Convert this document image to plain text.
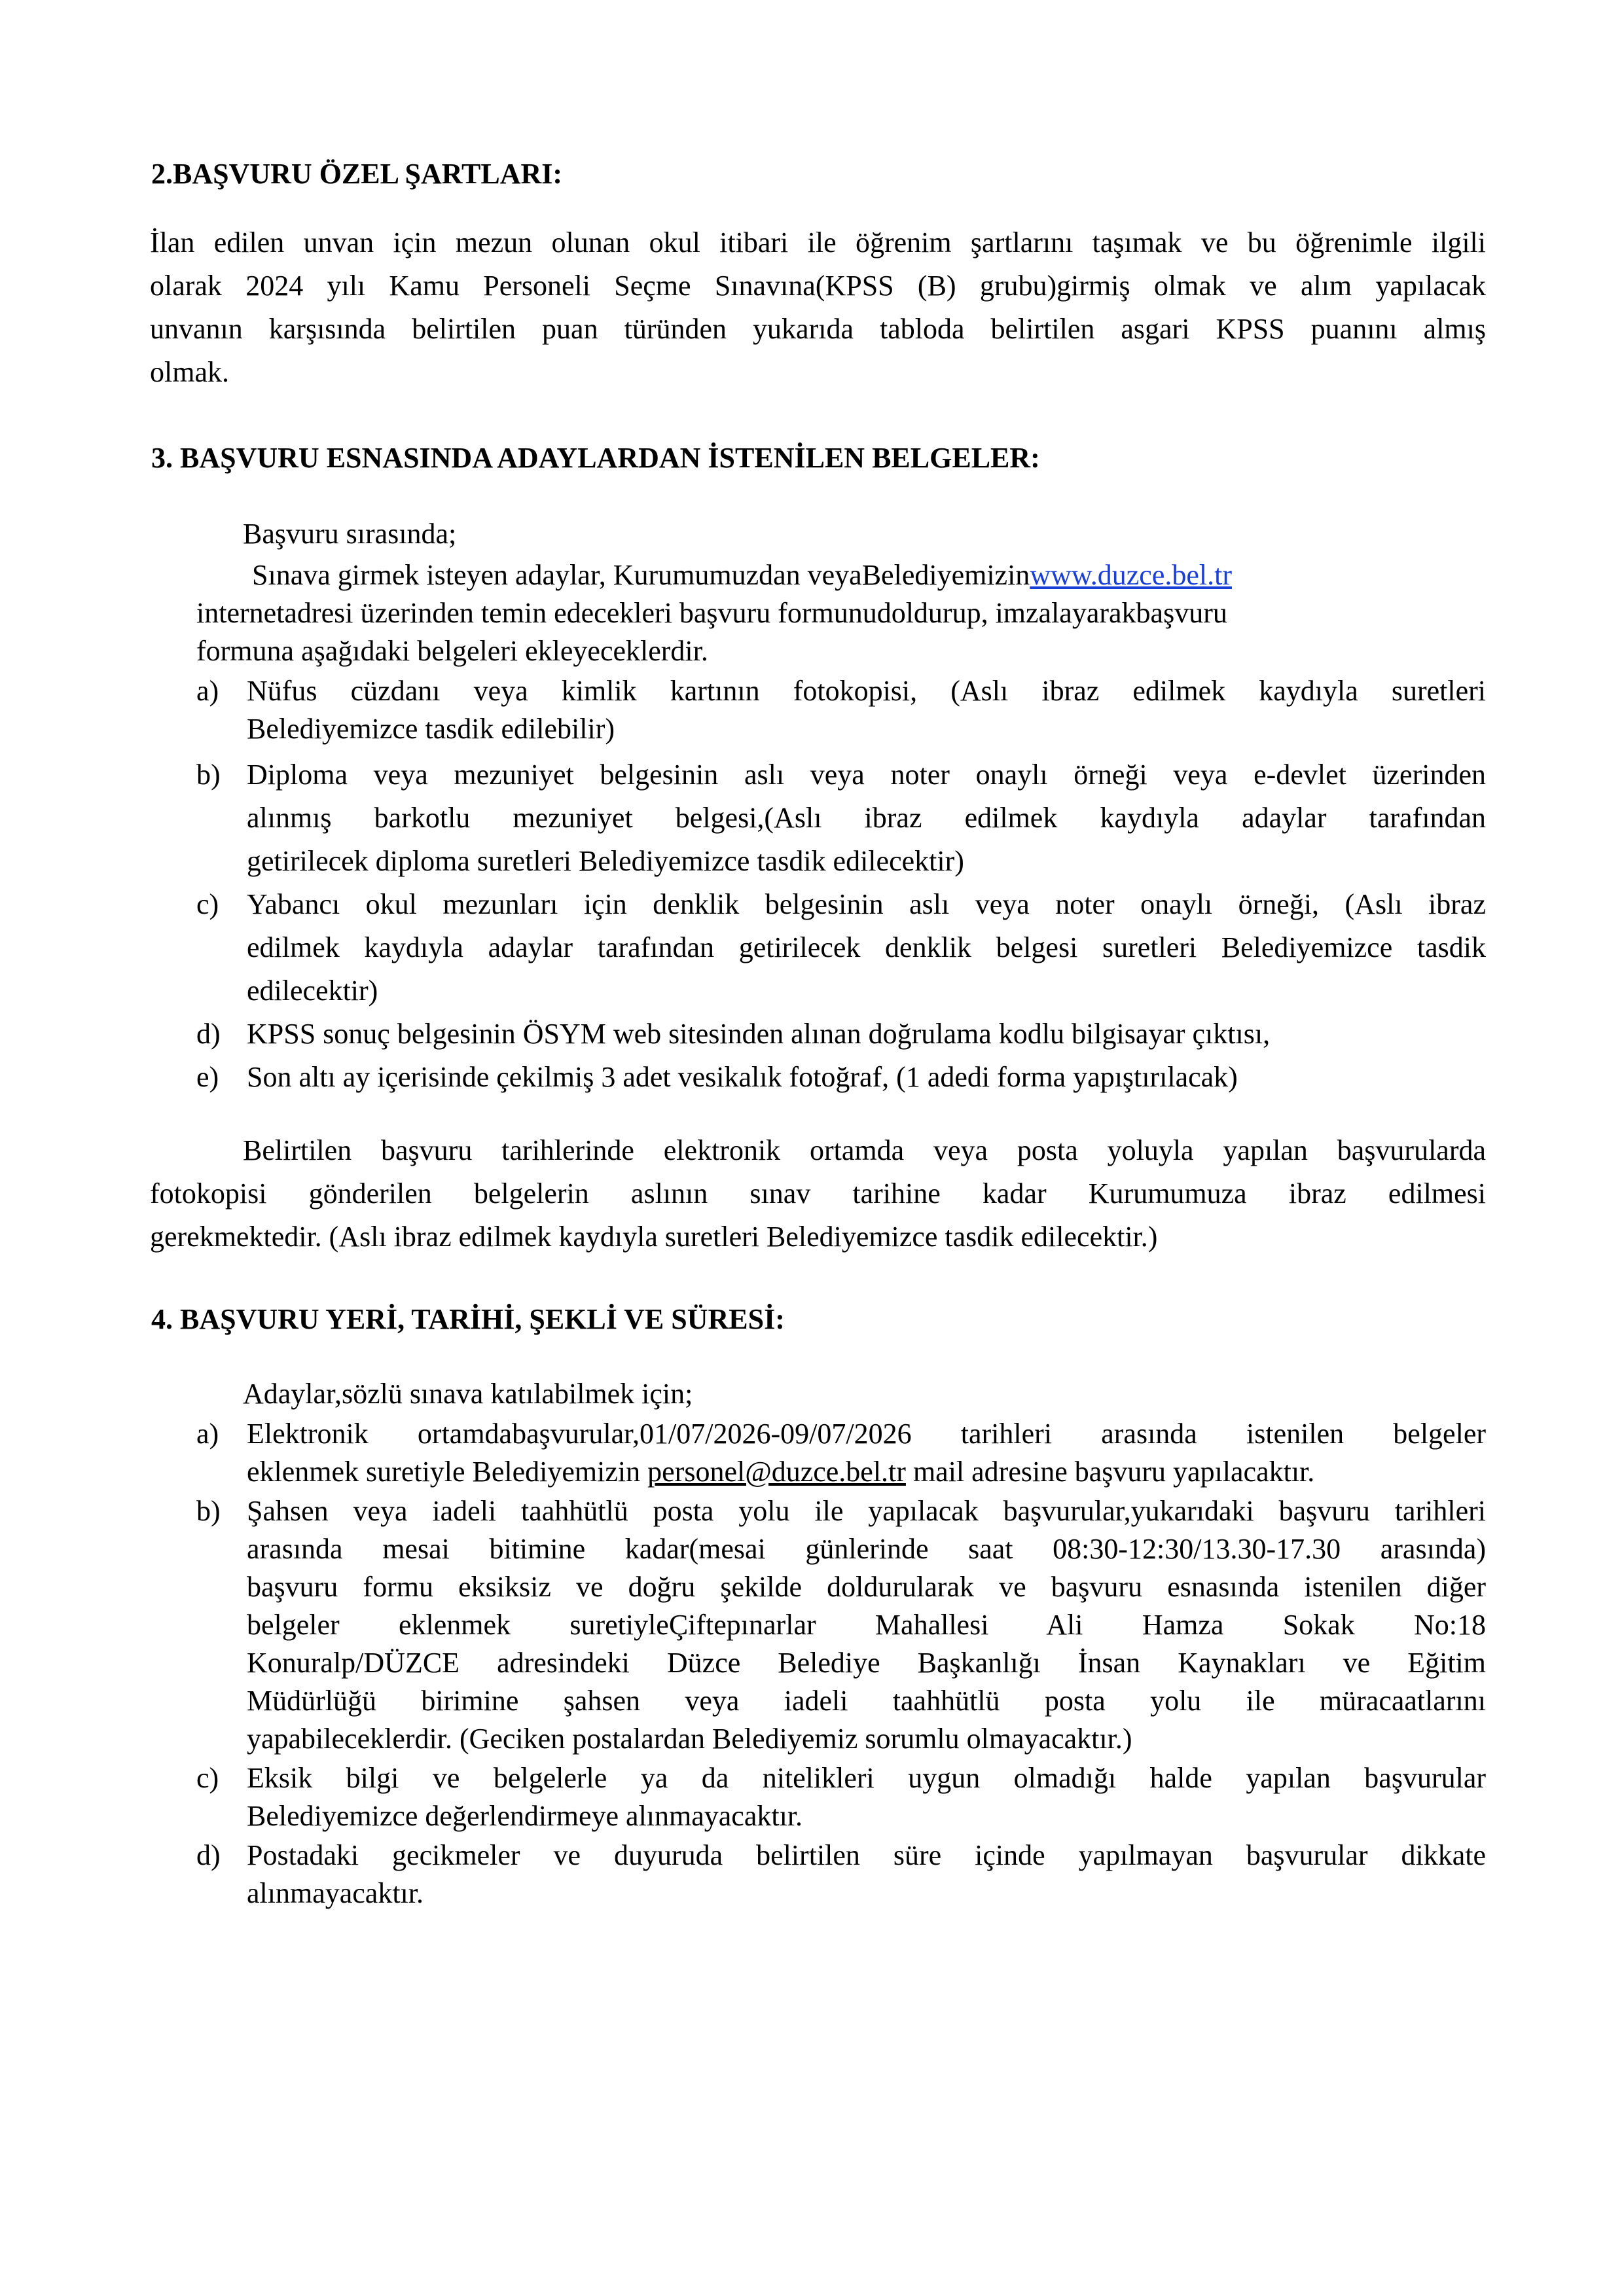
2.BAŞVURU ÖZEL ŞARTLARI:
İlan edilen unvan için mezun olunan okul itibari ile öğrenim şartlarını taşımak ve bu öğrenimle ilgili
olarak 2024 yılı Kamu Personeli Seçme Sınavına(KPSS (B) grubu)girmiş olmak ve alım yapılacak
unvanın karşısında belirtilen puan türünden yukarıda tabloda belirtilen asgari KPSS puanını almış
olmak.
3. BAŞVURU ESNASINDA ADAYLARDAN İSTENİLEN BELGELER:
Başvuru sırasında;
Sınava girmek isteyen adaylar, Kurumumuzdan veyaBelediyemizinwww.duzce.bel.tr
internetadresi üzerinden temin edecekleri başvuru formunudoldurup, imzalayarakbaşvuru
formuna aşağıdaki belgeleri ekleyeceklerdir.
a) Nüfus cüzdanı veya kimlik kartının fotokopisi, (Aslı ibraz edilmek kaydıyla suretleri
Belediyemizce tasdik edilebilir)
b) Diploma veya mezuniyet belgesinin aslı veya noter onaylı örneği veya e-devlet üzerinden
alınmış barkotlu mezuniyet belgesi,(Aslı ibraz edilmek kaydıyla adaylar tarafından
getirilecek diploma suretleri Belediyemizce tasdik edilecektir)
c) Yabancı okul mezunları için denklik belgesinin aslı veya noter onaylı örneği, (Aslı ibraz
edilmek kaydıyla adaylar tarafından getirilecek denklik belgesi suretleri Belediyemizce tasdik
edilecektir)
d) KPSS sonuç belgesinin ÖSYM web sitesinden alınan doğrulama kodlu bilgisayar çıktısı,
e) Son altı ay içerisinde çekilmiş 3 adet vesikalık fotoğraf, (1 adedi forma yapıştırılacak)
Belirtilen başvuru tarihlerinde elektronik ortamda veya posta yoluyla yapılan başvurularda
fotokopisi gönderilen belgelerin aslının sınav tarihine kadar Kurumumuza ibraz edilmesi
gerekmektedir. (Aslı ibraz edilmek kaydıyla suretleri Belediyemizce tasdik edilecektir.)
4. BAŞVURU YERİ, TARİHİ, ŞEKLİ VE SÜRESİ:
Adaylar,sözlü sınava katılabilmek için;
a) Elektronik ortamdabaşvurular,01/07/2026-09/07/2026 tarihleri arasında istenilen belgeler
eklenmek suretiyle Belediyemizin personel@duzce.bel.tr mail adresine başvuru yapılacaktır.
b) Şahsen veya iadeli taahhütlü posta yolu ile yapılacak başvurular,yukarıdaki başvuru tarihleri
arasında mesai bitimine kadar(mesai günlerinde saat 08:30-12:30/13.30-17.30 arasında)
başvuru formu eksiksiz ve doğru şekilde doldurularak ve başvuru esnasında istenilen diğer
belgeler eklenmek suretiyleÇiftepınarlar Mahallesi Ali Hamza Sokak No:18
Konuralp/DÜZCE adresindeki Düzce Belediye Başkanlığı İnsan Kaynakları ve Eğitim
Müdürlüğü birimine şahsen veya iadeli taahhütlü posta yolu ile müracaatlarını
yapabileceklerdir. (Geciken postalardan Belediyemiz sorumlu olmayacaktır.)
c) Eksik bilgi ve belgelerle ya da nitelikleri uygun olmadığı halde yapılan başvurular
Belediyemizce değerlendirmeye alınmayacaktır.
d) Postadaki gecikmeler ve duyuruda belirtilen süre içinde yapılmayan başvurular dikkate
alınmayacaktır.
